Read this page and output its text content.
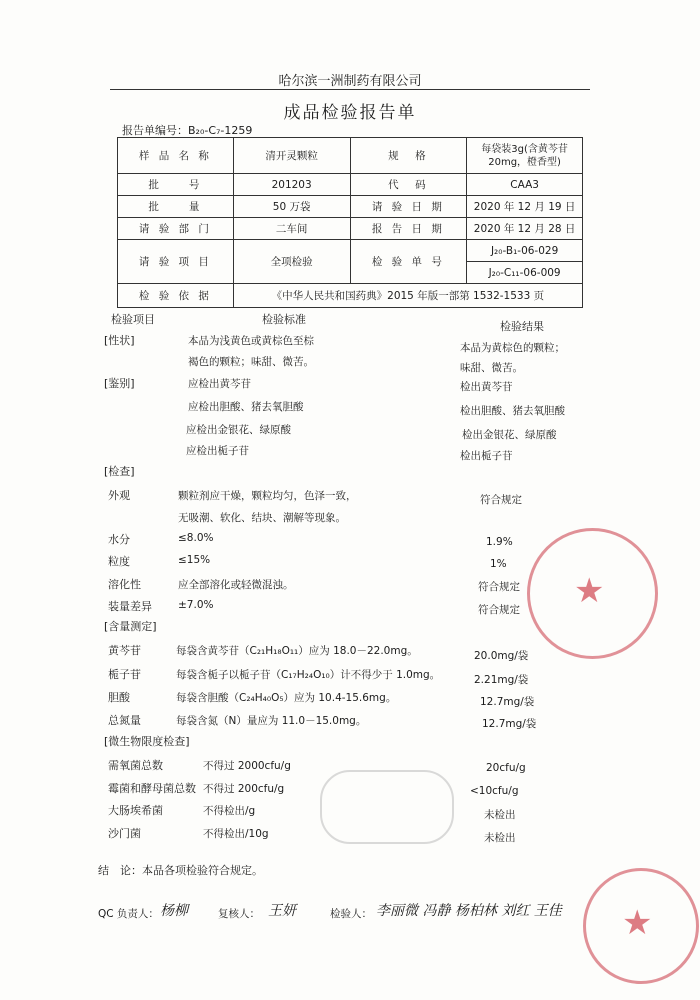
哈尔滨一洲制药有限公司
成品检验报告单
报告单编号：B₂₀-C₇-1259
样 品 名 称	清开灵颗粒	规　格	每袋装3g(含黄芩苷
20mg，橙香型)

批　　号	201203	代　码	CAA3
批　　量	50 万袋	请 验 日 期	2020 年 12 月 19 日
请 验 部 门	二车间	报 告 日 期	2020 年 12 月 28 日
请 验 项 目	全项检验	检 验 单 号	J₂₀-B₁-06-029
			J₂₀-C₁₁-06-009
检 验 依 据	《中华人民共和国药典》2015 年版一部第 1532-1533 页		
检验项目	检验标准
检验结果
[性状]	本品为浅黄色或黄棕色至棕
褐色的颗粒；味甜、微苦。
本品为黄棕色的颗粒；
味甜、微苦。
[鉴别]	应检出黄芩苷	检出黄芩苷
应检出胆酸、猪去氧胆酸	检出胆酸、猪去氧胆酸
应检出金银花、绿原酸	检出金银花、绿原酸
应检出栀子苷	检出栀子苷
[检查]
外观	颗粒剂应干燥，颗粒均匀，色泽一致，
无吸潮、软化、结块、潮解等现象。
符合规定
水分	≤8.0%	1.9%
粒度	≤15%	1%
溶化性	应全部溶化或轻微混浊。	符合规定
装量差异 ±7.0%	符合规定
[含量测定]
黄芩苷	每袋含黄芩苷（C₂₁H₁₈O₁₁）应为 18.0－22.0mg。	20.0mg/袋
栀子苷	每袋含栀子以栀子苷（C₁₇H₂₄O₁₀）计不得少于 1.0mg。	2.21mg/袋
胆酸	每袋含胆酸（C₂₄H₄₀O₅）应为 10.4-15.6mg。	12.7mg/袋
总氮量	每袋含氮（N）量应为 11.0－15.0mg。	12.7mg/袋
[微生物限度检查]
需氧菌总数	不得过 2000cfu/g	20cfu/g
霉菌和酵母菌总数 不得过 200cfu/g	<10cfu/g
大肠埃希菌	不得检出/g	未检出
沙门菌	不得检出/10g	未检出
结　论：本品各项检验符合规定。
QC 负责人： 杨柳	复核人： 王妍	检验人： 李丽微 冯静 杨柏林 刘红 王佳
★
★
